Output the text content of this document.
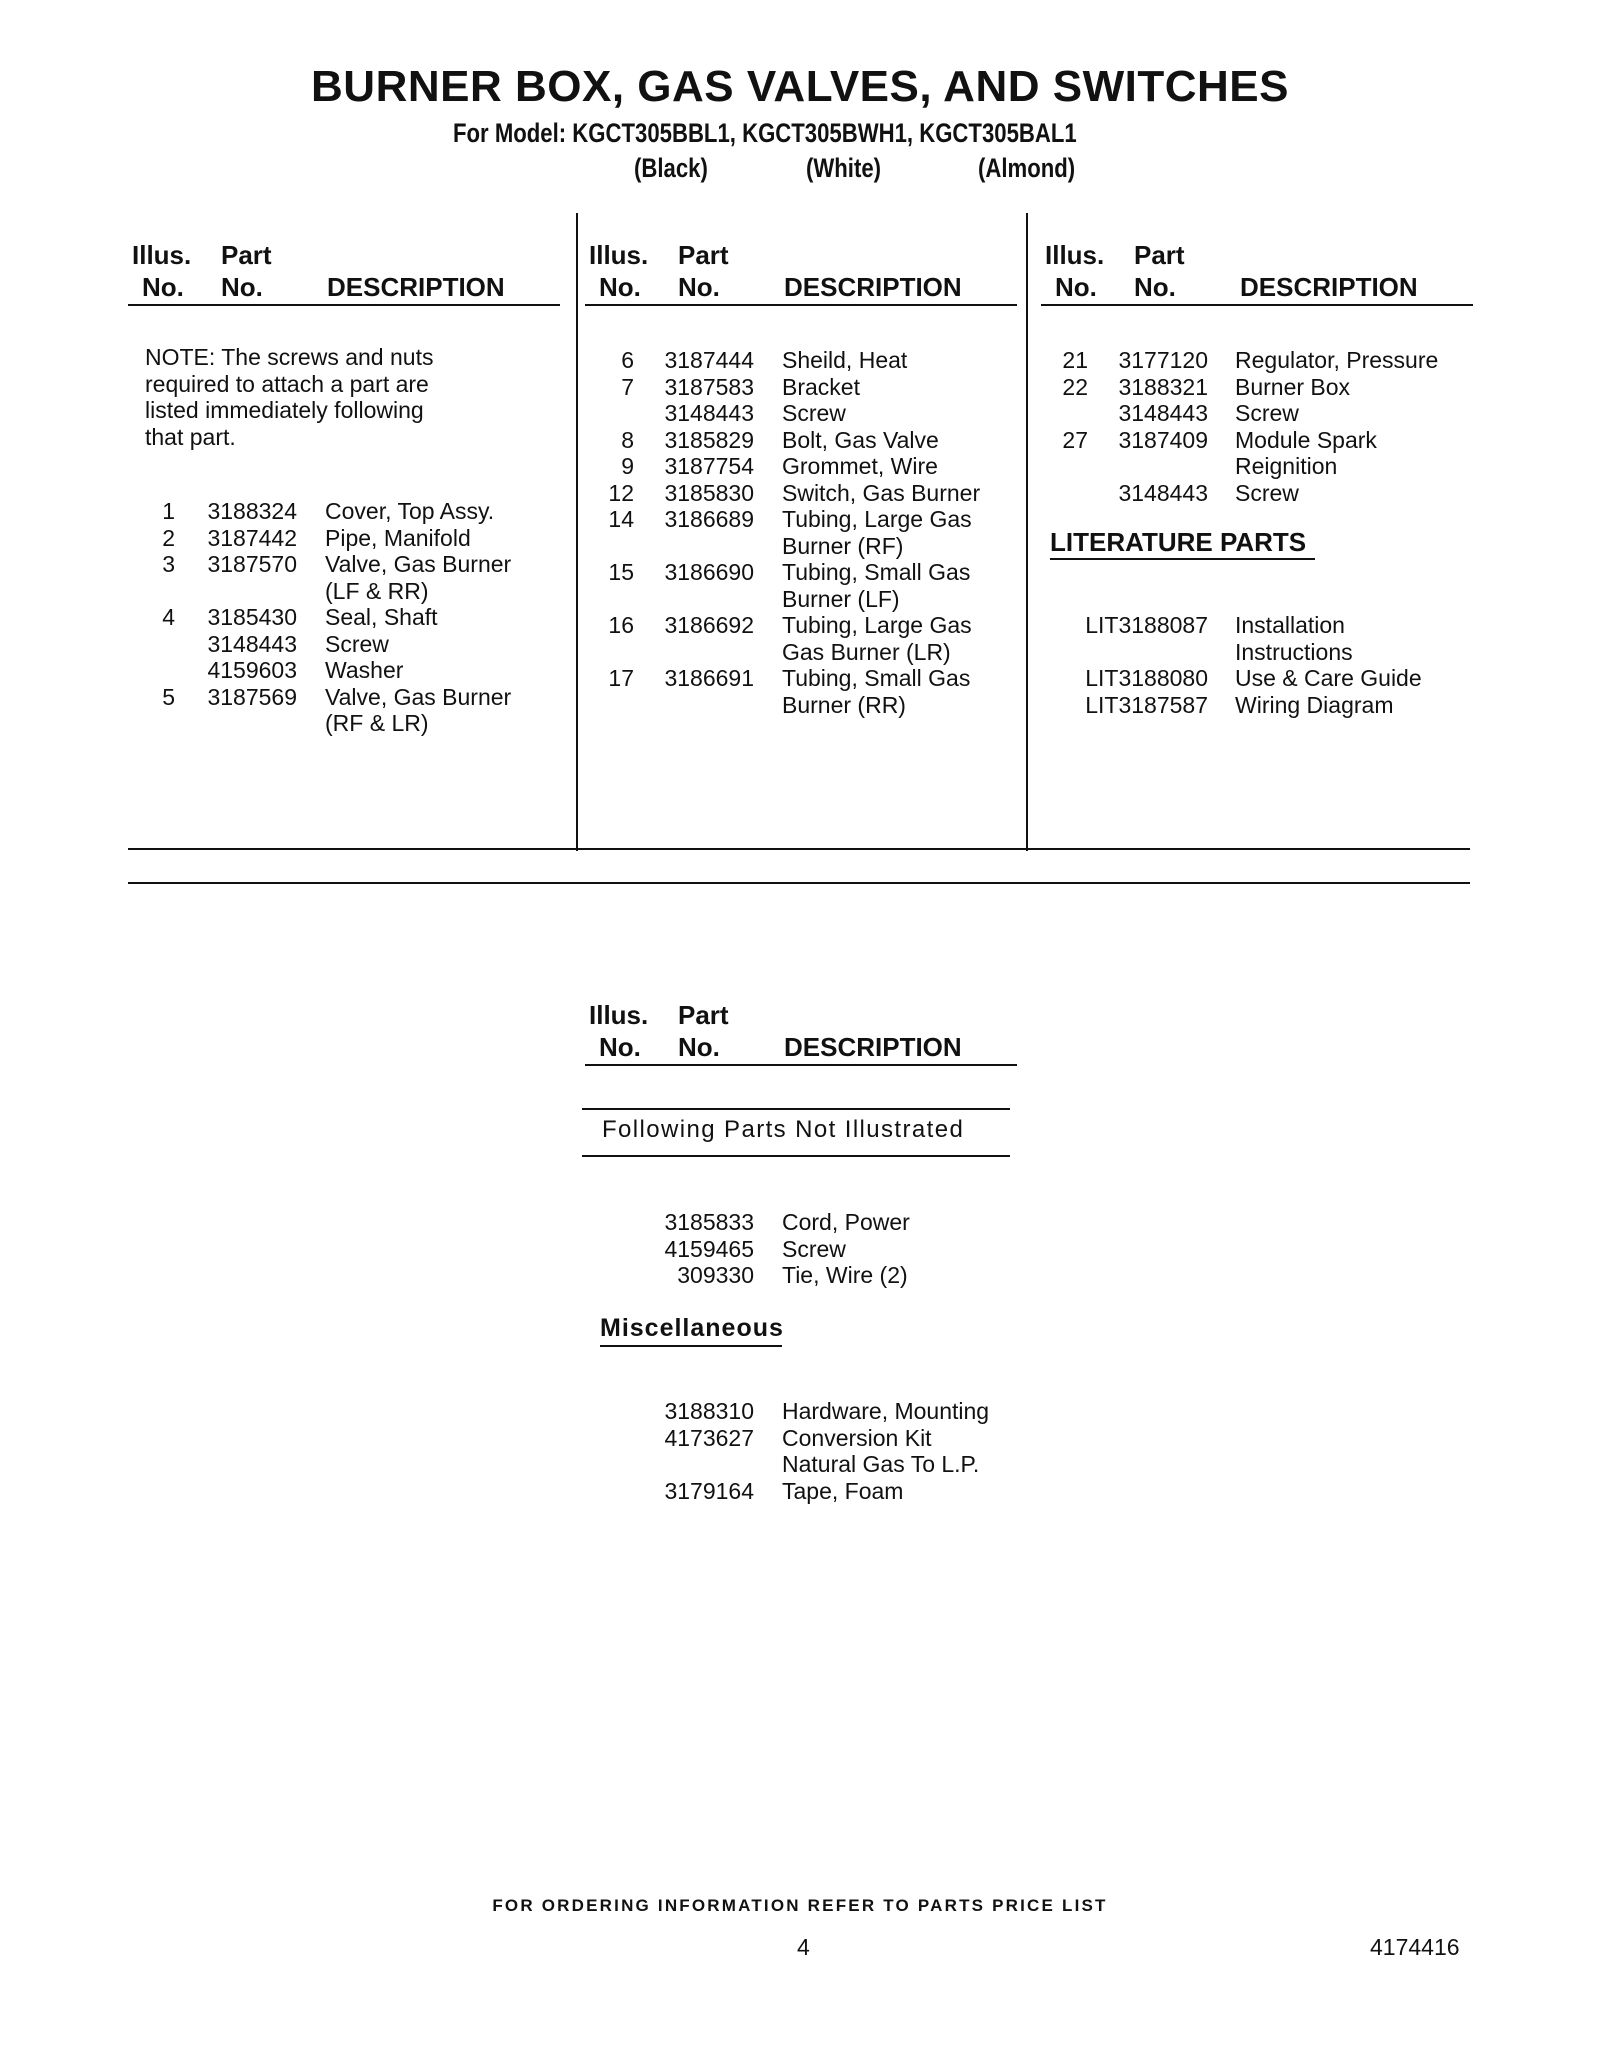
BURNER BOX, GAS VALVES, AND SWITCHES
For Model: KGCT305BBL1, KGCT305BWH1, KGCT305BAL1
(Black)	(White)	(Almond)
Illus. Part
No. No. DESCRIPTION
Illus. Part
No. No. DESCRIPTION
Illus. Part
No. No. DESCRIPTION
Illus. Part
No. No. DESCRIPTION
NOTE: The screws and nuts
required to attach a part are
listed immediately following
that part.
1	3188324 Cover, Top Assy.
2	3187442 Pipe, Manifold
3	3187570 Valve, Gas Burner
(LF & RR)
4	3185430 Seal, Shaft
3148443 Screw
4159603 Washer
5	3187569 Valve, Gas Burner
(RF & LR)
6	3187444 Sheild, Heat
7	3187583 Bracket
3148443 Screw
8	3185829 Bolt, Gas Valve
9	3187754 Grommet, Wire
12	3185830 Switch, Gas Burner
14	3186689 Tubing, Large Gas
Burner (RF)
15	3186690 Tubing, Small Gas
Burner (LF)
16	3186692 Tubing, Large Gas
Gas Burner (LR)
17	3186691 Tubing, Small Gas
Burner (RR)
21	3177120 Regulator, Pressure
22	3188321 Burner Box
3148443 Screw
27	3187409 Module Spark
Reignition
3148443 Screw
LITERATURE PARTS
LIT3188087 Installation
Instructions
LIT3188080 Use & Care Guide
LIT3187587 Wiring Diagram
Following Parts Not Illustrated
3185833 Cord, Power
4159465 Screw
309330 Tie, Wire (2)
Miscellaneous
3188310 Hardware, Mounting
4173627 Conversion Kit
Natural Gas To L.P.
3179164 Tape, Foam
FOR ORDERING INFORMATION REFER TO PARTS PRICE LIST
4	4174416
